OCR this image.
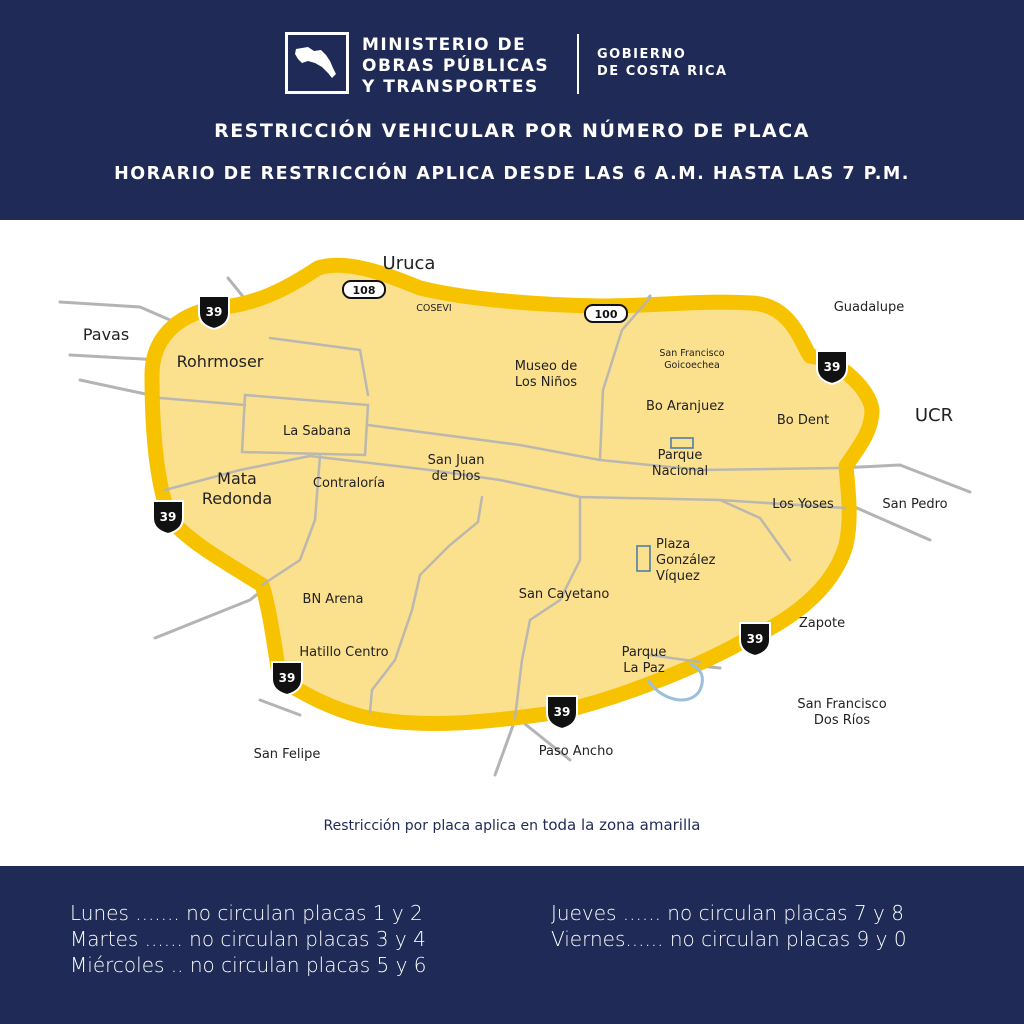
MINISTERIO DE
OBRAS PÚBLICAS
Y TRANSPORTES
GOBIERNO
DE COSTA RICA
RESTRICCIÓN VEHICULAR POR NÚMERO DE PLACA
HORARIO DE RESTRICCIÓN APLICA DESDE LAS 6 A.M. HASTA LAS 7 P.M.
Rohrmoser
La Sabana
Mata
Redonda
Contraloría
San Juan
de Dios
Museo de
Los Niños
San Francisco
Goicoechea
Bo Aranjuez
Bo Dent
Parque
Nacional
Los Yoses
Plaza
González
Víquez
San Cayetano
BN Arena
Hatillo Centro	Parque
La Paz
COSEVI
Uruca
Pavas
Guadalupe
UCR
San Pedro
Zapote
San Francisco
Dos Ríos
Paso Ancho
San Felipe
108
100
39
39
39
39
39
39
Restricción por placa aplica en toda la zona amarilla
Lunes ....... no circulan placas 1 y 2
Martes ...... no circulan placas 3 y 4
Miércoles .. no circulan placas 5 y 6
Jueves ...... no circulan placas 7 y 8
Viernes...... no circulan placas 9 y 0
